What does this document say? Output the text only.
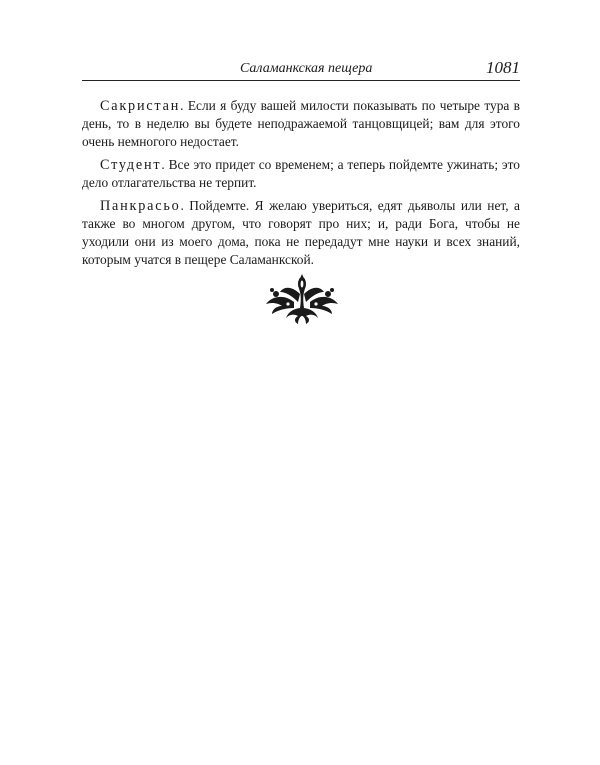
Саламанкская пещера	1081

Сакристан. Если я буду вашей милости показывать по четыре тура в день, то в неделю вы будете неподражаемой танцовщицей; вам для этого очень немногого недостает.

Студент. Все это придет со временем; а теперь пойдемте ужинать; это дело отлагательства не терпит.

Панкрасьо. Пойдемте. Я желаю увериться, едят дьяволы или нет, а также во многом другом, что говорят про них; и, ради Бога, чтобы не уходили они из моего дома, пока не передадут мне науки и всех знаний, которым учатся в пещере Саламанкской.
